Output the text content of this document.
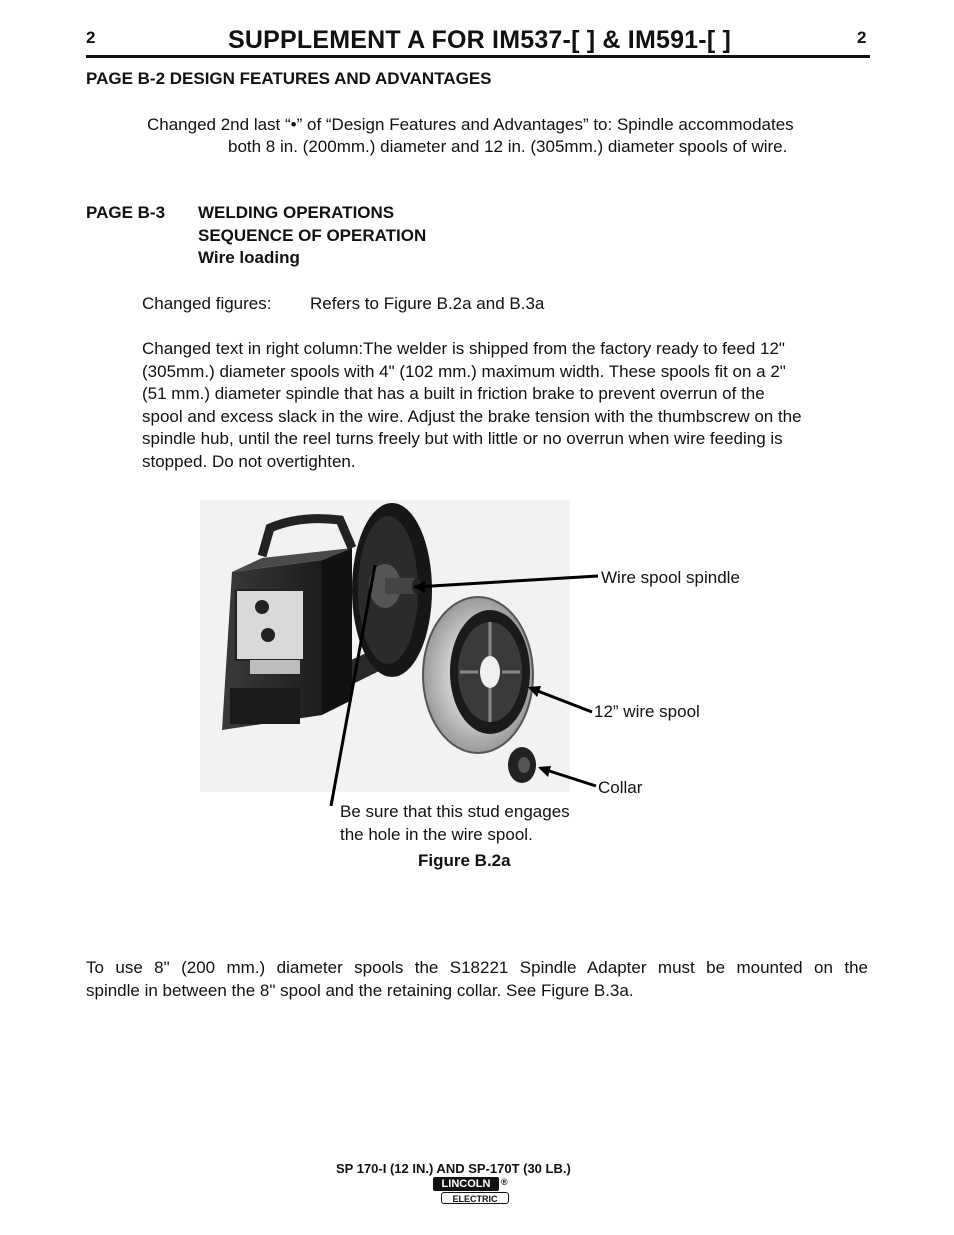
2	SUPPLEMENT A FOR IM537-[ ] & IM591-[ ]	2
PAGE B-2 DESIGN FEATURES AND ADVANTAGES
Changed 2nd last “•” of “Design Features and Advantages” to: Spindle accommodates
both 8 in. (200mm.) diameter and 12 in. (305mm.) diameter spools of wire.
PAGE B-3 WELDING OPERATIONS
SEQUENCE OF OPERATION
Wire loading
Changed figures: Refers to Figure B.2a and B.3a
Changed text in right column:The welder is shipped from the factory ready to feed 12"
(305mm.) diameter spools with 4" (102 mm.) maximum width. These spools fit on a 2"
(51 mm.) diameter spindle that has a built in friction brake to prevent overrun of the
spool and excess slack in the wire. Adjust the brake tension with the thumbscrew on the
spindle hub, until the reel turns freely but with little or no overrun when wire feeding is
stopped. Do not overtighten.
Wire spool spindle
12” wire spool
Collar
Be sure that this stud engages
the hole in the wire spool.
Figure B.2a
To use 8" (200 mm.) diameter spools the S18221 Spindle Adapter must be mounted on the
spindle in between the 8" spool and the retaining collar. See Figure B.3a.
SP 170-I (12 IN.) AND SP-170T (30 LB.)
LINCOLN	®
ELECTRIC
